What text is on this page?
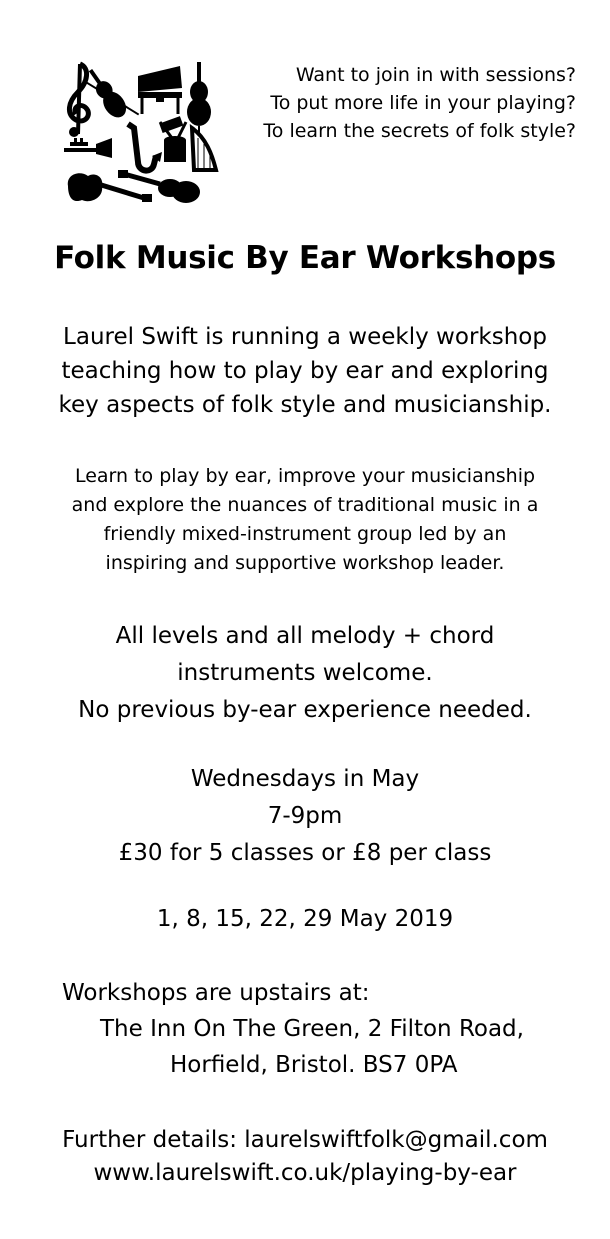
Want to join in with sessions?
To put more life in your playing?
To learn the secrets of folk style?
Folk Music By Ear Workshops
Laurel Swift is running a weekly workshop
teaching how to play by ear and exploring
key aspects of folk style and musicianship.
Learn to play by ear, improve your musicianship
and explore the nuances of traditional music in a
friendly mixed-instrument group led by an
inspiring and supportive workshop leader.
All levels and all melody + chord
instruments welcome.
No previous by-ear experience needed.
Wednesdays in May
7-9pm
£30 for 5 classes or £8 per class
1, 8, 15, 22, 29 May 2019
Workshops are upstairs at:
The Inn On The Green, 2 Filton Road,
Horfield, Bristol. BS7 0PA
Further details: laurelswiftfolk@gmail.com
www.laurelswift.co.uk/playing-by-ear
